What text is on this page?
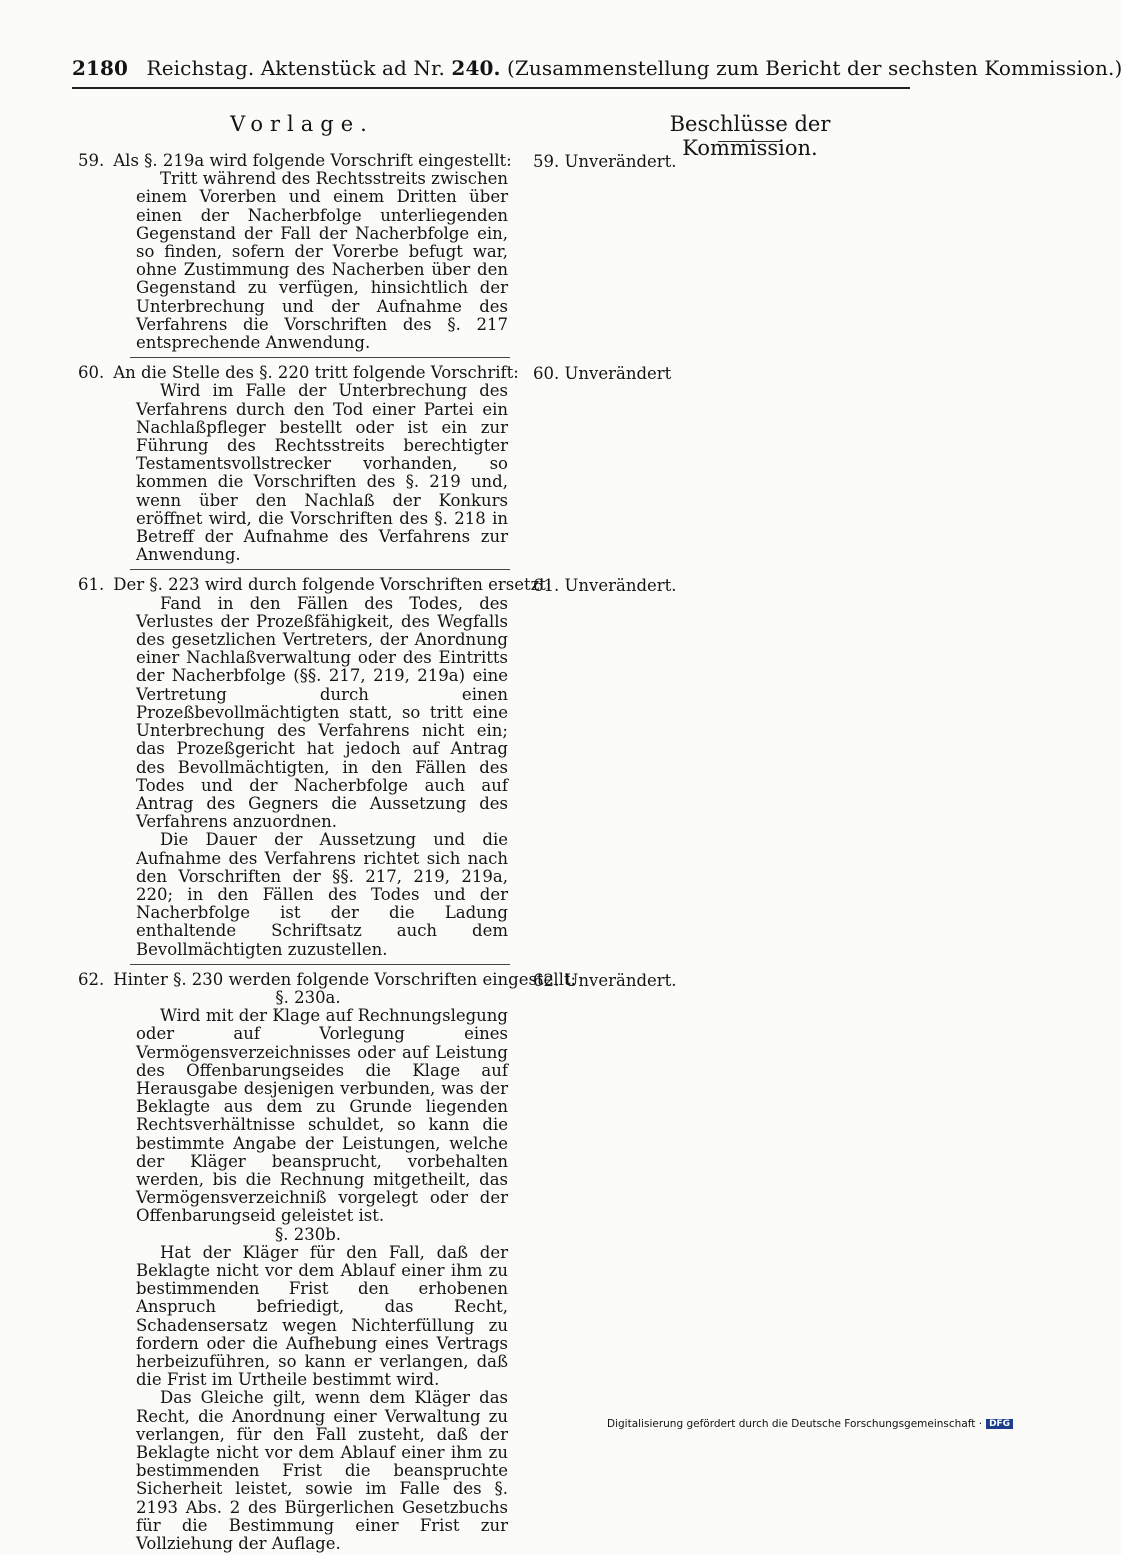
2180 Reichstag. Aktenstück ad Nr. 240. (Zusammenstellung zum Bericht der sechsten Kommission.)
Vorlage.	Beschlüsse der Kommission.
59. Als §. 219a wird folgende Vorschrift eingestellt:
Tritt während des Rechtsstreits zwischen einem Vorerben und einem Dritten über einen der Nacherbfolge unterliegenden Gegenstand der Fall der Nacherbfolge ein, so finden, sofern der Vorerbe befugt war, ohne Zustimmung des Nacherben über den Gegenstand zu verfügen, hinsichtlich der Unterbrechung und der Aufnahme des Verfahrens die Vorschriften des §. 217 entsprechende Anwendung.
60. An die Stelle des §. 220 tritt folgende Vorschrift:
Wird im Falle der Unterbrechung des Verfahrens durch den Tod einer Partei ein Nachlaßpfleger bestellt oder ist ein zur Führung des Rechtsstreits berechtigter Testamentsvollstrecker vorhanden, so kommen die Vorschriften des §. 219 und, wenn über den Nachlaß der Konkurs eröffnet wird, die Vorschriften des §. 218 in Betreff der Aufnahme des Verfahrens zur Anwendung.
61. Der §. 223 wird durch folgende Vorschriften ersetzt:
Fand in den Fällen des Todes, des Verlustes der Prozeßfähigkeit, des Wegfalls des gesetzlichen Vertreters, der Anordnung einer Nachlaßverwaltung oder des Eintritts der Nacherbfolge (§§. 217, 219, 219a) eine Vertretung durch einen Prozeßbevollmächtigten statt, so tritt eine Unterbrechung des Verfahrens nicht ein; das Prozeßgericht hat jedoch auf Antrag des Bevollmächtigten, in den Fällen des Todes und der Nacherbfolge auch auf Antrag des Gegners die Aussetzung des Verfahrens anzuordnen.
Die Dauer der Aussetzung und die Aufnahme des Verfahrens richtet sich nach den Vorschriften der §§. 217, 219, 219a, 220; in den Fällen des Todes und der Nacherbfolge ist der die Ladung enthaltende Schriftsatz auch dem Bevollmächtigten zuzustellen.
62. Hinter §. 230 werden folgende Vorschriften eingestellt:
§. 230a.
Wird mit der Klage auf Rechnungslegung oder auf Vorlegung eines Vermögensverzeichnisses oder auf Leistung des Offenbarungseides die Klage auf Herausgabe desjenigen verbunden, was der Beklagte aus dem zu Grunde liegenden Rechtsverhältnisse schuldet, so kann die bestimmte Angabe der Leistungen, welche der Kläger beansprucht, vorbehalten werden, bis die Rechnung mitgetheilt, das Vermögensverzeichniß vorgelegt oder der Offenbarungseid geleistet ist.
§. 230b.
Hat der Kläger für den Fall, daß der Beklagte nicht vor dem Ablauf einer ihm zu bestimmenden Frist den erhobenen Anspruch befriedigt, das Recht, Schadensersatz wegen Nichterfüllung zu fordern oder die Aufhebung eines Vertrags herbeizuführen, so kann er verlangen, daß die Frist im Urtheile bestimmt wird.
Das Gleiche gilt, wenn dem Kläger das Recht, die Anordnung einer Verwaltung zu verlangen, für den Fall zusteht, daß der Beklagte nicht vor dem Ablauf einer ihm zu bestimmenden Frist die beanspruchte Sicherheit leistet, sowie im Falle des §. 2193 Abs. 2 des Bürgerlichen Gesetzbuchs für die Bestimmung einer Frist zur Vollziehung der Auflage.
59. Unverändert.
60. Unverändert
61. Unverändert.
62. Unverändert.
Digitalisierung gefördert durch die Deutsche Forschungsgemeinschaft · DFG
